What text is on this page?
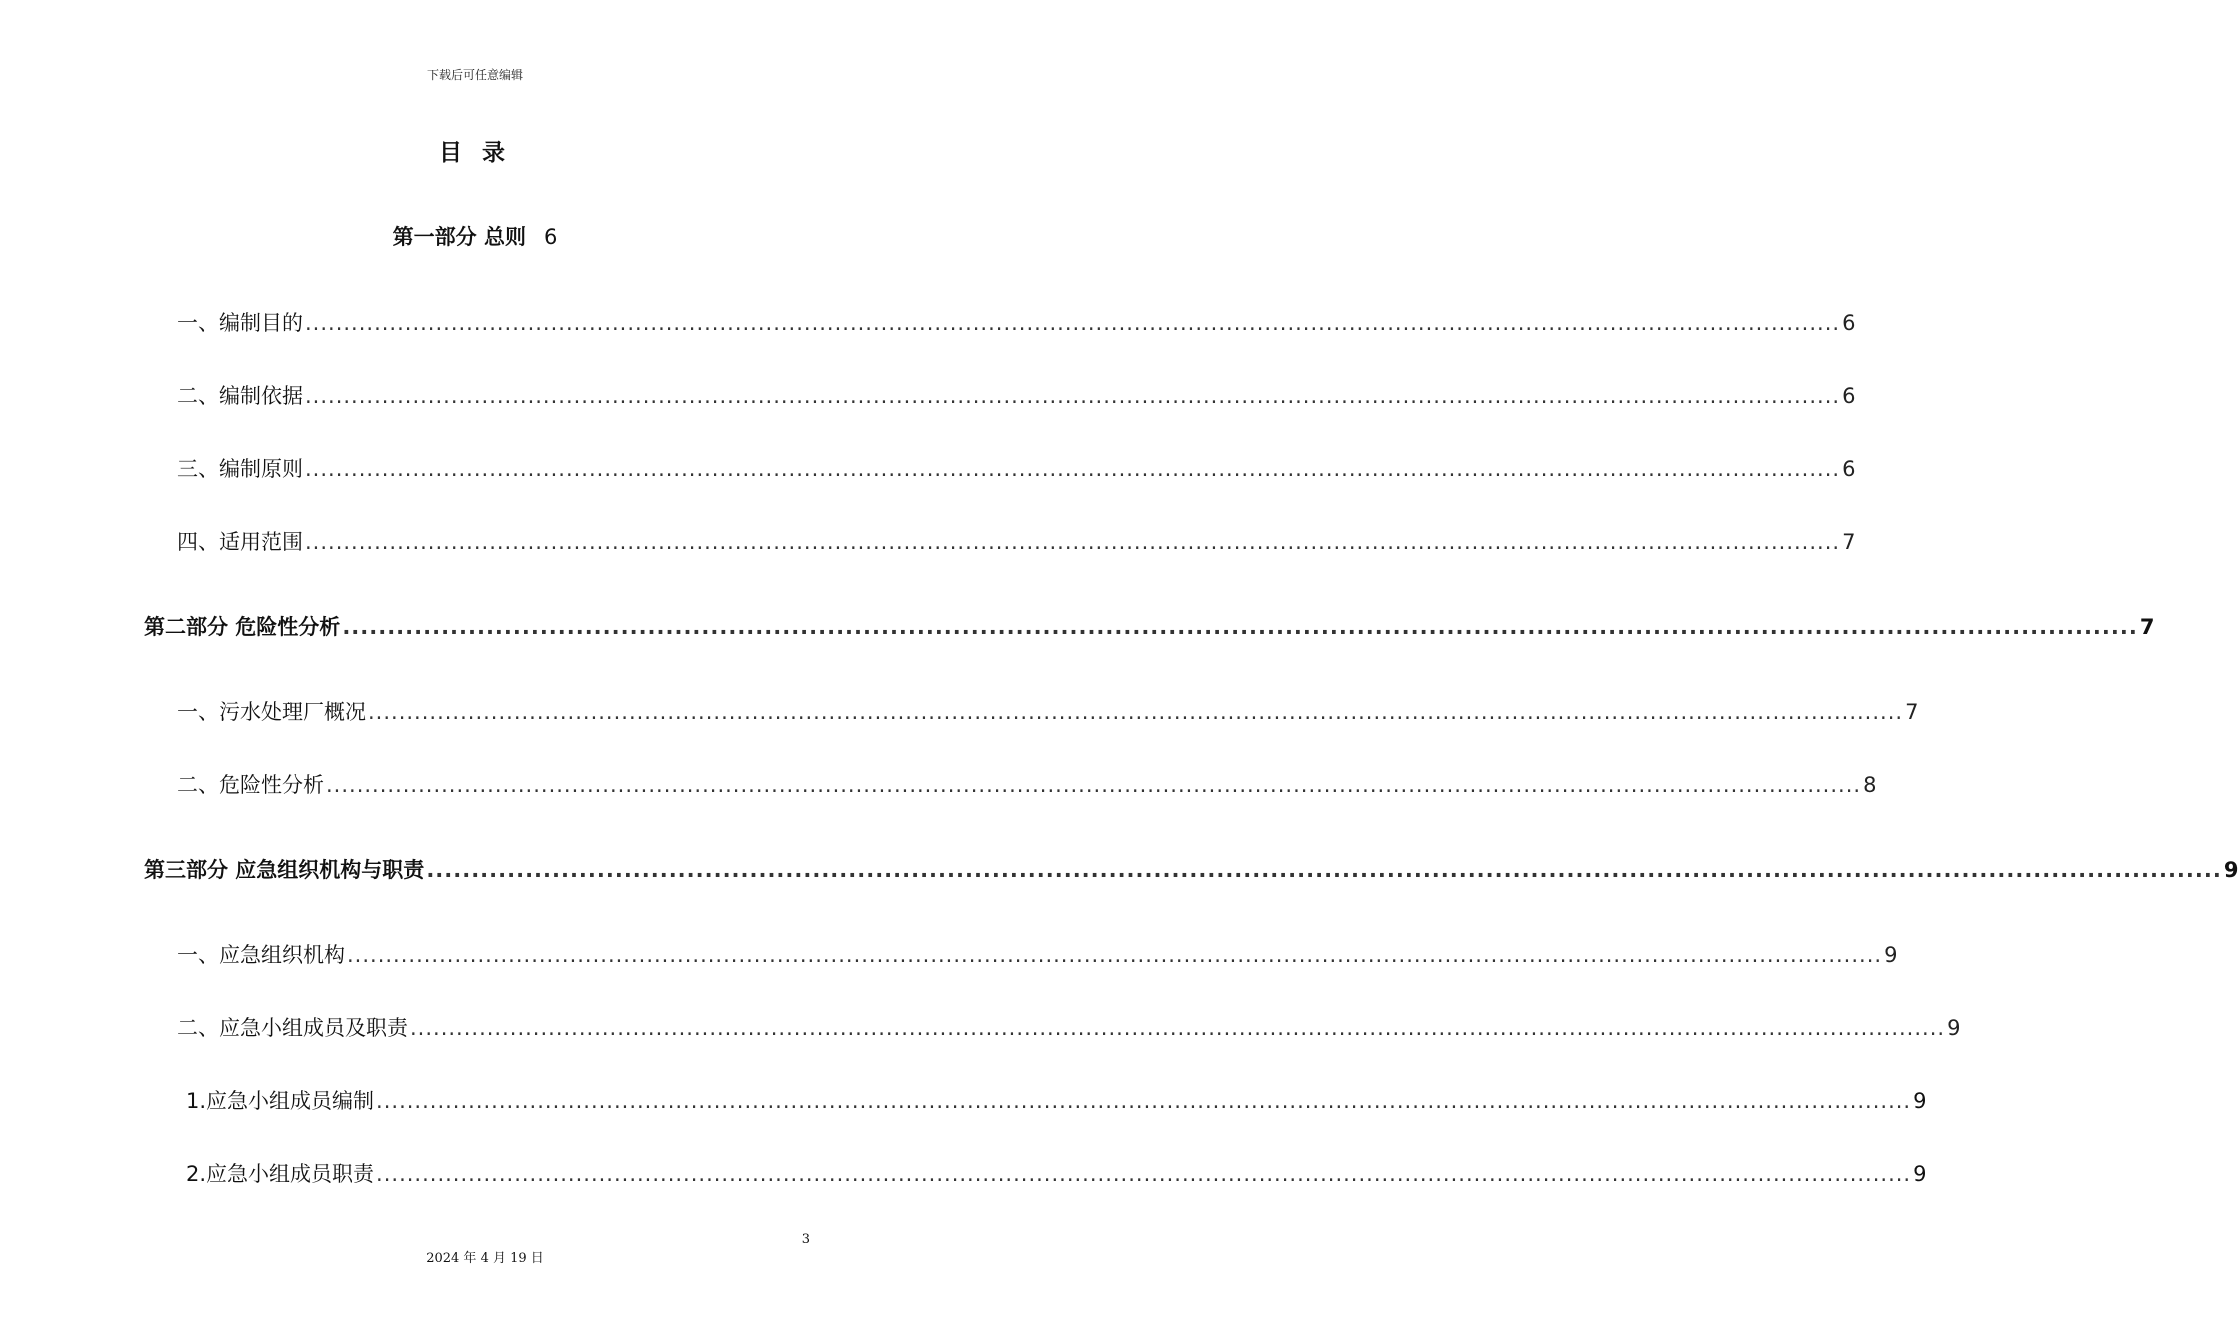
下载后可任意编辑
目 录
第一部分 总则 6
一、编制目的 ........................................................................................................................................................................................................ 6
二、编制依据 ........................................................................................................................................................................................................ 6
三、编制原则 ........................................................................................................................................................................................................ 6
四、适用范围 ........................................................................................................................................................................................................ 7
第二部分 危险性分析 ........................................................................................................................................................................................................ 7
一、污水处理厂概况 ........................................................................................................................................................................................................ 7
二、危险性分析 ........................................................................................................................................................................................................ 8
第三部分 应急组织机构与职责 ........................................................................................................................................................................................................ 9
一、应急组织机构 ........................................................................................................................................................................................................ 9
二、应急小组成员及职责 ........................................................................................................................................................................................................ 9
1.应急小组成员编制 ........................................................................................................................................................................................................ 9
2.应急小组成员职责 ........................................................................................................................................................................................................ 9
3
2024 年 4 月 19 日
